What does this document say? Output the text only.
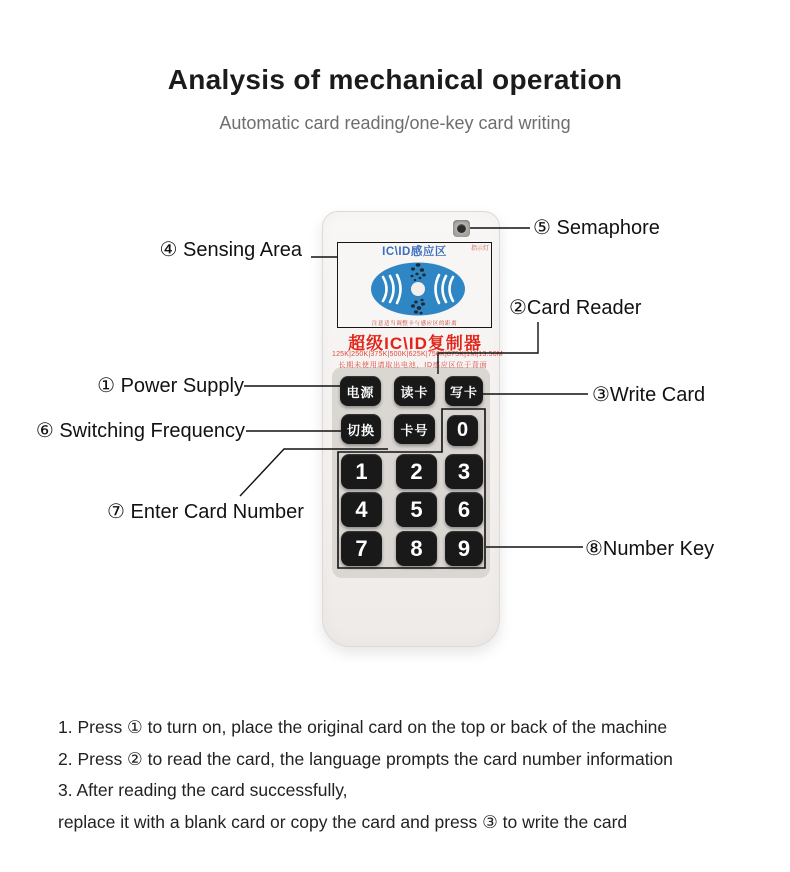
Analysis of mechanical operation
Automatic card reading/one-key card writing
IC\ID感应区	指示灯
注意适当调整卡与感应区的距离
超级IC\ID复制器
125K|250K|375K|500K|625K|750K|875K|1M|13.56M
长期未使用请取出电池，ID感应区位于背面
电源	读卡	写卡
切换	卡号	0
1	2	3
4	5	6
7	8	9
④ Sensing Area
⑤ Semaphore
②Card Reader
① Power Supply	③Write Card
⑥ Switching Frequency
⑦ Enter Card Number
⑧Number Key
1. Press ① to turn on, place the original card on the top or back of the machine
2. Press ② to read the card, the language prompts the card number information
3. After reading the card successfully,
replace it with a blank card or copy the card and press ③ to write the card
